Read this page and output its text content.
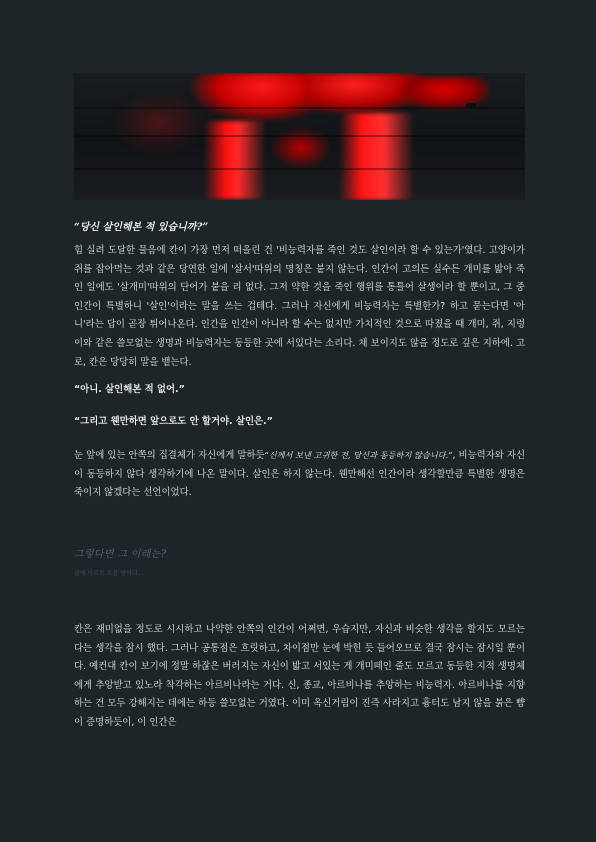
“당신 살인해본 적 있습니까?”

힘 실려 도달한 물음에 칸이 가장 먼저 떠올린 건 '비능력자를 죽인 것도 살인이라 할 수 있는가'였다. 고양이가 쥐를 잡아먹는 것과 같은 당연한 일에 '살서'따위의 명칭은 붙지 않는다. 인간이 고의든 실수든 개미를 밟아 죽인 일에도 '살개미'따위의 단어가 붙을 리 없다. 그저 약한 것을 죽인 행위를 통틀어 살생이라 할 뿐이고, 그 중 인간이 특별하니 '살인'이라는 말을 쓰는 겁테다. 그러나 자신에게 비능력자는 특별한가? 하고 묻는다면 '아니'라는 답이 곧장 튀어나온다. 인간을 인간이 아니라 할 수는 없지만 가치적인 것으로 따졌을 때 개미, 쥐, 지렁이와 같은 쓸모없는 생명과 비능력자는 동등한 곳에 서있다는 소리다. 채 보이지도 않을 정도로 깊은 지하에. 고로, 칸은 당당히 말을 뱉는다.

“아니. 살인해본 적 없어.”
“그리고 웬만하면 앞으로도 안 할거야. 살인은.”

눈 앞에 있는 안쪽의 집결체가 자신에게 말하듯“신께서 보낸 고귀한 전, 당신과 동등하지 않습니다.”, 비능력자와 자신이 동등하지 않다 생각하기에 나온 말이다. 살인은 하지 않는다. 웬만해선 인간이라 생각할만큼 특별한 생명은 죽이지 않겠다는 선언이었다.

그렇다면 그 이래는?
글에 아르트 모음 밖이다...

칸은 재미없을 정도로 시시하고 나약한 안쪽의 인간이 어쩌면, 우습지만, 자신과 비슷한 생각을 할지도 모르는다는 생각을 잠시 했다. 그러나 공통점은 흐릿하고, 차이점만 눈에 박힌 듯 들어오므로 결국 잠시는 잠시일 뿐이다. 예컨대 칸이 보기에 정말 하잖은 버러지는 자신이 밟고 서있는 게 개미떼인 줄도 모르고 동등한 지적 생명체에게 추앙받고 있노라 착각하는 아르비나라는 거다. 신, 종교, 아르비나를 추앙하는 비능력자. 아르비나를 지향하는 건 모두 강해지는 데에는 하등 쓸모없는 거였다. 이미 옥신거림이 진즉 사라지고 흉터도 남지 않을 붉은 뺨이 증명하듯이, 이 인간은
